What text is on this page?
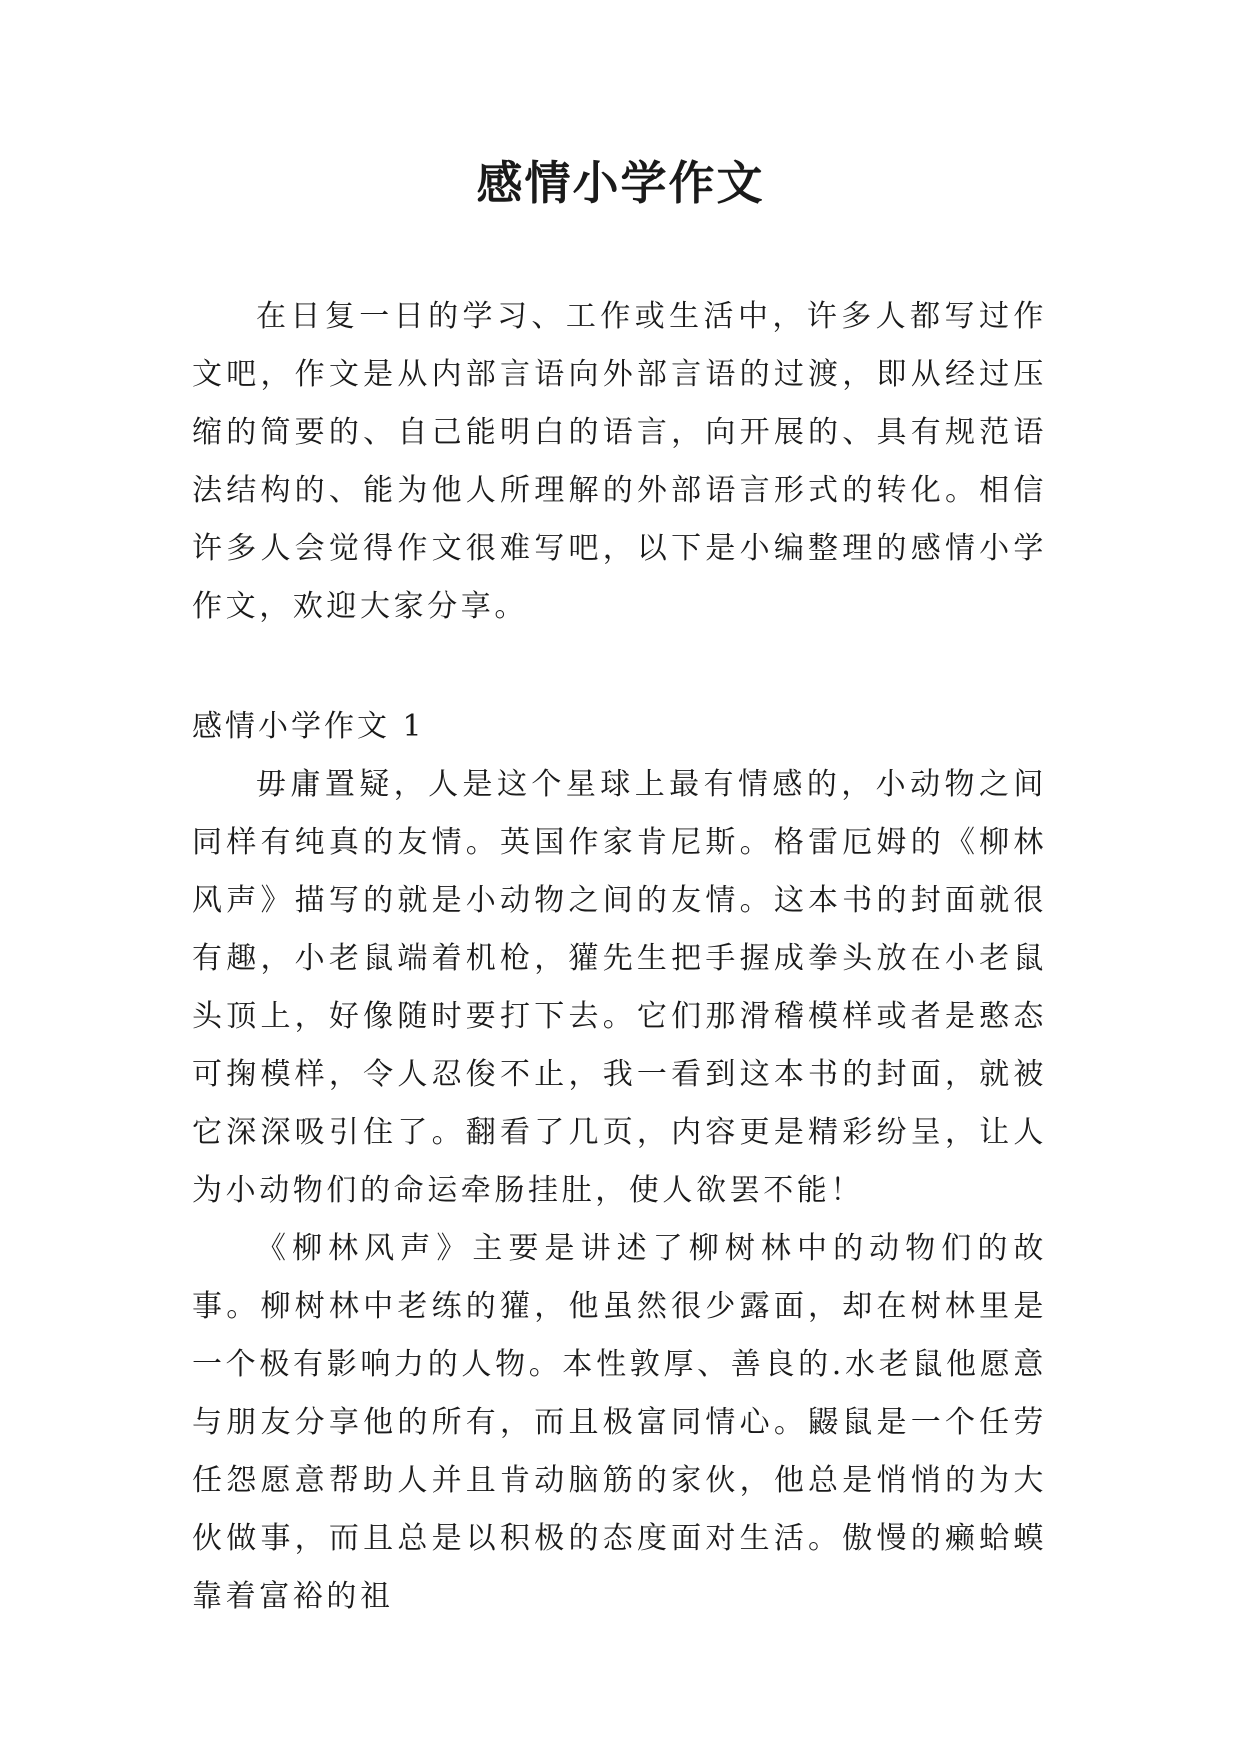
感情小学作文

在日复一日的学习、工作或生活中，许多人都写过作文吧，作文是从内部言语向外部言语的过渡，即从经过压缩的简要的、自己能明白的语言，向开展的、具有规范语法结构的、能为他人所理解的外部语言形式的转化。相信许多人会觉得作文很难写吧，以下是小编整理的感情小学作文，欢迎大家分享。

感情小学作文 1

毋庸置疑，人是这个星球上最有情感的，小动物之间同样有纯真的友情。英国作家肯尼斯。格雷厄姆的《柳林风声》描写的就是小动物之间的友情。这本书的封面就很有趣，小老鼠端着机枪，獾先生把手握成拳头放在小老鼠头顶上，好像随时要打下去。它们那滑稽模样或者是憨态可掬模样，令人忍俊不止，我一看到这本书的封面，就被它深深吸引住了。翻看了几页，内容更是精彩纷呈，让人为小动物们的命运牵肠挂肚，使人欲罢不能！

《柳林风声》主要是讲述了柳树林中的动物们的故事。柳树林中老练的獾，他虽然很少露面，却在树林里是一个极有影响力的人物。本性敦厚、善良的.水老鼠他愿意与朋友分享他的所有，而且极富同情心。鼹鼠是一个任劳任怨愿意帮助人并且肯动脑筋的家伙，他总是悄悄的为大伙做事，而且总是以积极的态度面对生活。傲慢的癞蛤蟆靠着富裕的祖
